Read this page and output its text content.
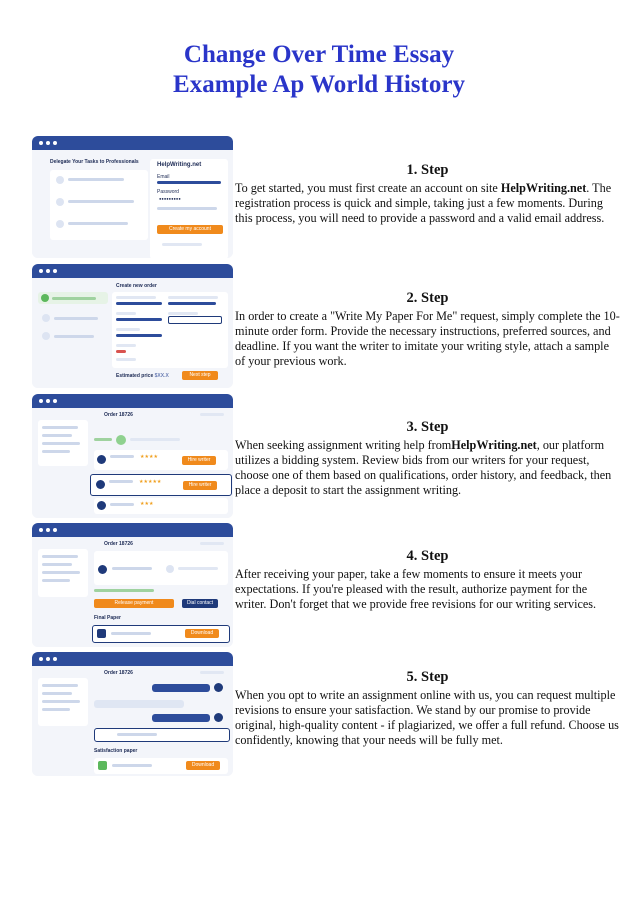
Change Over Time Essay
Example Ap World History
Delegate Your Tasks to Professionals	HelpWriting.net
Email
Password
●●●●●●●●●
Create my account
Create new order
Estimated price $XX.X	Next step
Order 18726
★★★★	Hire writer
★★★★★	Hire writer
★★★
Order 18726
Release payment	Dial contact
Final Paper
Download
Order 18726
Satisfaction paper
Download
1. Step

To get started, you must first create an account on site HelpWriting.net. The registration process is quick and simple, taking just a few moments. During this process, you will need to provide a password and a valid email address.

2. Step

In order to create a "Write My Paper For Me" request, simply complete the 10-minute order form. Provide the necessary instructions, preferred sources, and deadline. If you want the writer to imitate your writing style, attach a sample of your previous work.

3. Step

When seeking assignment writing help fromHelpWriting.net, our platform utilizes a bidding system. Review bids from our writers for your request, choose one of them based on qualifications, order history, and feedback, then place a deposit to start the assignment writing.

4. Step

After receiving your paper, take a few moments to ensure it meets your expectations. If you're pleased with the result, authorize payment for the writer. Don't forget that we provide free revisions for our writing services.

5. Step

When you opt to write an assignment online with us, you can request multiple revisions to ensure your satisfaction. We stand by our promise to provide original, high-quality content - if plagiarized, we offer a full refund. Choose us confidently, knowing that your needs will be fully met.
